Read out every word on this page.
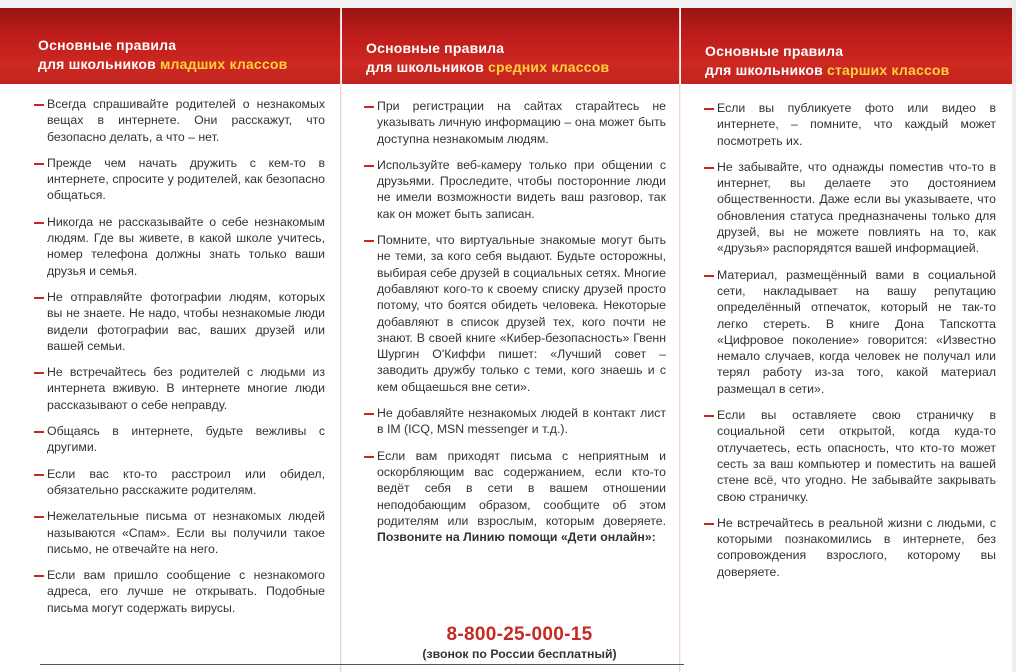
Основные правила
для школьников младших классов
Всегда спрашивайте родителей о незнакомых вещах в интернете. Они расскажут, что безопасно делать, а что – нет.
Прежде чем начать дружить с кем-то в интернете, спросите у родителей, как безопасно общаться.
Никогда не рассказывайте о себе незнакомым людям. Где вы живете, в какой школе учитесь, номер телефона должны знать только ваши друзья и семья.
Не отправляйте фотографии людям, которых вы не знаете. Не надо, чтобы незнакомые люди видели фотографии вас, ваших друзей или вашей семьи.
Не встречайтесь без родителей с людьми из интернета вживую. В интернете многие люди рассказывают о себе неправду.
Общаясь в интернете, будьте вежливы с другими.
Если вас кто-то расстроил или обидел, обязательно расскажите родителям.
Нежелательные письма от незнакомых людей называются «Спам». Если вы получили такое письмо, не отвечайте на него.
Если вам пришло сообщение с незнакомого адреса, его лучше не открывать. Подобные письма могут содержать вирусы.
Основные правила
для школьников средних классов
При регистрации на сайтах старайтесь не указывать личную информацию – она может быть доступна незнакомым людям.
Используйте веб-камеру только при общении с друзьями. Проследите, чтобы посторонние люди не имели возможности видеть ваш разговор, так как он может быть записан.
Помните, что виртуальные знакомые могут быть не теми, за кого себя выдают. Будьте осторожны, выбирая себе друзей в социальных сетях. Многие добавляют кого-то к своему списку друзей просто потому, что боятся обидеть человека. Некоторые добавляют в список друзей тех, кого почти не знают. В своей книге «Кибер-безопасность» Гвенн Шургин О'Киффи пишет: «Лучший совет – заводить дружбу только с теми, кого знаешь и с кем общаешься вне сети».
Не добавляйте незнакомых людей в контакт лист в IM (ICQ, MSN messenger и т.д.).
Если вам приходят письма с неприятным и оскорбляющим вас содержанием, если кто-то ведёт себя в сети в вашем отношении неподобающим образом, сообщите об этом родителям или взрослым, которым доверяете. Позвоните на Линию помощи «Дети онлайн»:
8-800-25-000-15
(звонок по России бесплатный)
Основные правила
для школьников старших классов
Если вы публикуете фото или видео в интернете, – помните, что каждый может посмотреть их.
Не забывайте, что однажды поместив что-то в интернет, вы делаете это достоянием общественности. Даже если вы указываете, что обновления статуса предназначены только для друзей, вы не можете повлиять на то, как «друзья» распорядятся вашей информацией.
Материал, размещённый вами в социальной сети, накладывает на вашу репутацию определённый отпечаток, который не так-то легко стереть. В книге Дона Тапскотта «Цифровое поколение» говорится: «Известно немало случаев, когда человек не получал или терял работу из-за того, какой материал размещал в сети».
Если вы оставляете свою страничку в социальной сети открытой, когда куда-то отлучаетесь, есть опасность, что кто-то может сесть за ваш компьютер и поместить на вашей стене всё, что угодно. Не забывайте закрывать свою страничку.
Не встречайтесь в реальной жизни с людьми, с которыми познакомились в интернете, без сопровождения взрослого, которому вы доверяете.
